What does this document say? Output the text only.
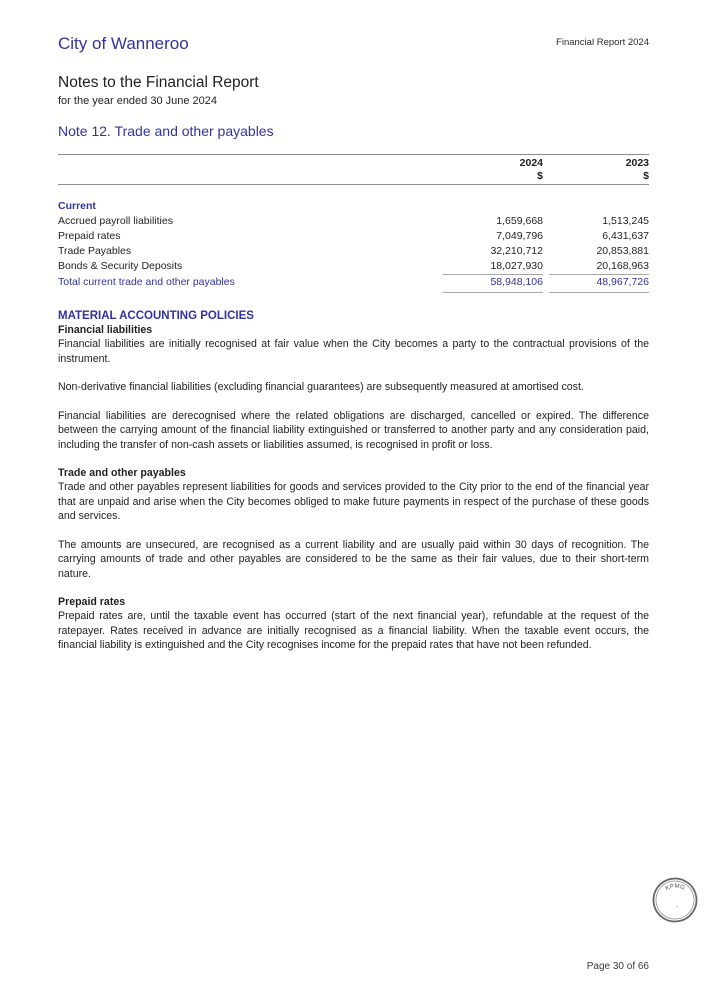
City of Wanneroo	Financial Report 2024
Notes to the Financial Report
for the year ended 30 June 2024
Note 12. Trade and other payables
2024	2023
$	$
Current
Accrued payroll liabilities	1,659,668	1,513,245
Prepaid rates	7,049,796	6,431,637
Trade Payables	32,210,712	20,853,881
Bonds & Security Deposits	18,027,930	20,168,963
Total current trade and other payables	58,948,106	48,967,726
MATERIAL ACCOUNTING POLICIES
Financial liabilities
Financial liabilities are initially recognised at fair value when the City becomes a party to the contractual provisions of the instrument.
Non-derivative financial liabilities (excluding financial guarantees) are subsequently measured at amortised cost.
Financial liabilities are derecognised where the related obligations are discharged, cancelled or expired. The difference between the carrying amount of the financial liability extinguished or transferred to another party and any consideration paid, including the transfer of non-cash assets or liabilities assumed, is recognised in profit or loss.
Trade and other payables
Trade and other payables represent liabilities for goods and services provided to the City prior to the end of the financial year that are unpaid and arise when the City becomes obliged to make future payments in respect of the purchase of these goods and services.
The amounts are unsecured, are recognised as a current liability and are usually paid within 30 days of recognition. The carrying amounts of trade and other payables are considered to be the same as their fair values, due to their short-term nature.
Prepaid rates
Prepaid rates are, until the taxable event has occurred (start of the next financial year), refundable at the request of the ratepayer. Rates received in advance are initially recognised as a financial liability. When the taxable event occurs, the financial liability is extinguished and the City recognises income for the prepaid rates that have not been refunded.
KPMG
Page 30 of 66
